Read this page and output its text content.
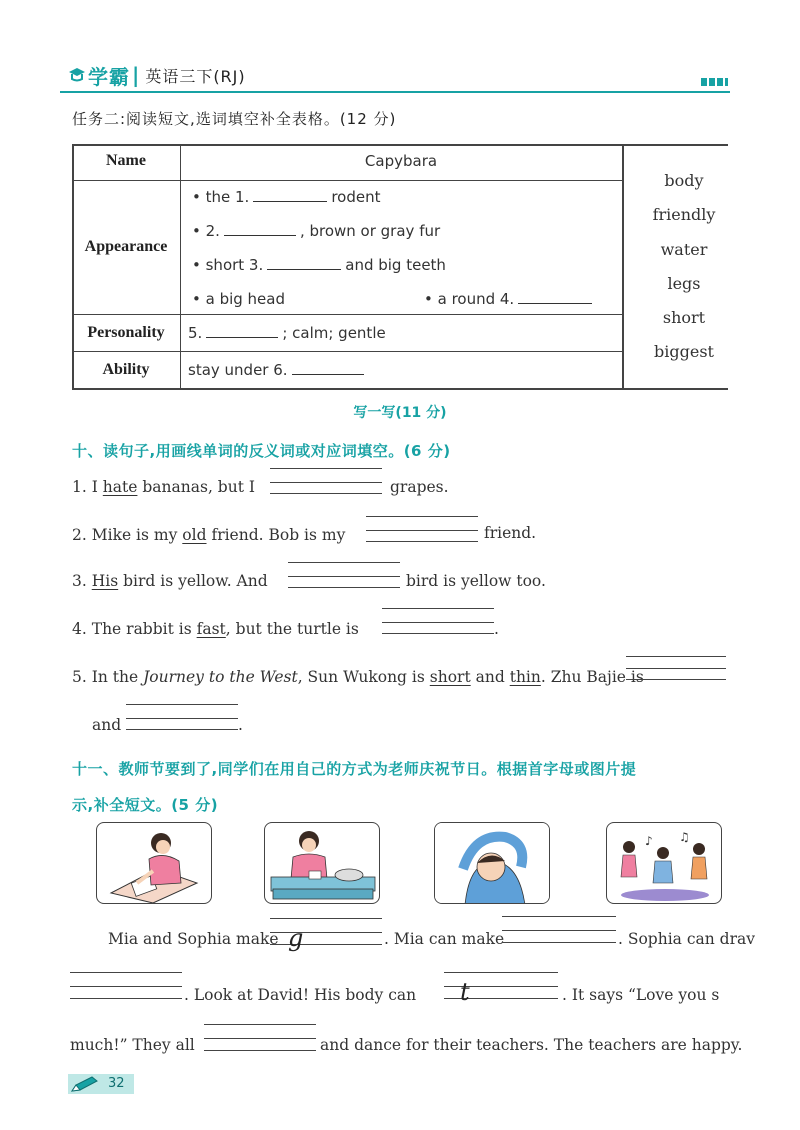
学霸 | 英语三下(RJ)
任务二:阅读短文,选词填空补全表格。(12 分)
Name	Capybara
Appearance
• the 1.	rodent
• 2.	, brown or gray fur
• short 3.	and big teeth
• a big head	• a round 4.
Personality	5.	; calm; gentle
Ability	stay under 6.
body
friendly
water
legs
short
biggest
写一写(11 分)
十、读句子,用画线单词的反义词或对应词填空。(6 分)
1. I hate bananas, but I	grapes.
2. Mike is my old friend. Bob is my	friend.
3. His bird is yellow. And	bird is yellow too.
4. The rabbit is fast, but the turtle is	.
5. In the Journey to the West, Sun Wukong is short and thin. Zhu Bajie is
and	.
十一、教师节要到了,同学们在用自己的方式为老师庆祝节日。根据首字母或图片提
示,补全短文。(5 分)
♪ ♫
Mia and Sophia make g	. Mia can make	. Sophia can drav
. Look at David! His body can t	. It says “Love you s
much!” They all	and dance for their teachers. The teachers are happy.
32
